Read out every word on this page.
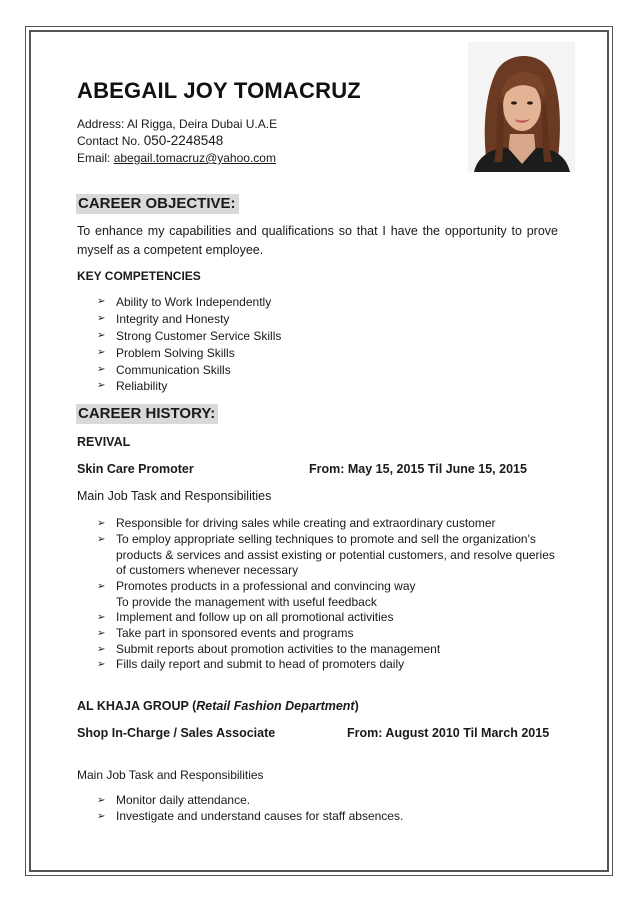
ABEGAIL JOY TOMACRUZ
Address: Al Rigga, Deira Dubai U.A.E
Contact No. 050-2248548
Email: abegail.tomacruz@yahoo.com
CAREER OBJECTIVE:
To enhance my capabilities and qualifications so that I have the opportunity to prove myself as a competent employee.
KEY COMPETENCIES
➢ Ability to Work Independently
➢ Integrity and Honesty
➢ Strong Customer Service Skills
➢ Problem Solving Skills
➢ Communication Skills
➢ Reliability
CAREER HISTORY:
REVIVAL
Skin Care Promoter	From: May 15, 2015 Til June 15, 2015
Main Job Task and Responsibilities
➢ Responsible for driving sales while creating and extraordinary customer
➢ To employ appropriate selling techniques to promote and sell the organization's products & services and assist existing or potential customers, and resolve queries of customers whenever necessary
➢ Promotes products in a professional and convincing way
To provide the management with useful feedback
➢ Implement and follow up on all promotional activities
➢ Take part in sponsored events and programs
➢ Submit reports about promotion activities to the management
➢ Fills daily report and submit to head of promoters daily
AL KHAJA GROUP (Retail Fashion Department)
Shop In-Charge / Sales Associate	From: August 2010 Til March 2015
Main Job Task and Responsibilities
➢ Monitor daily attendance.
➢ Investigate and understand causes for staff absences.
